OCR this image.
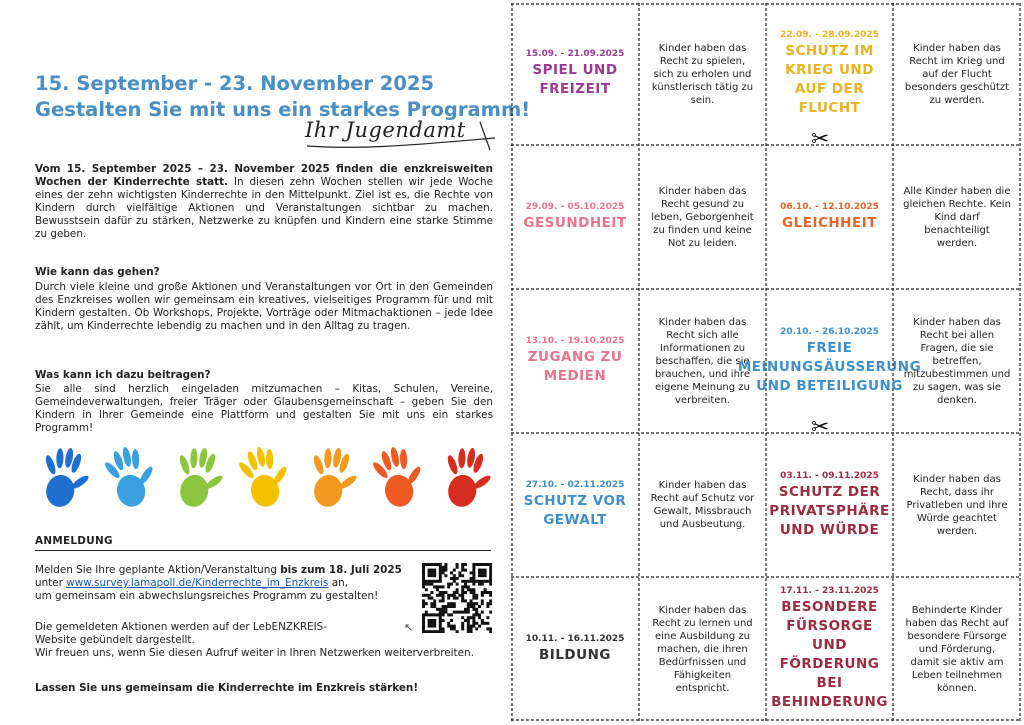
15. September - 23. November 2025
Gestalten Sie mit uns ein starkes Programm!
Ihr Jugendamt
Vom 15. September 2025 – 23. November 2025 finden die enzkreisweiten Wochen der Kinderrechte statt. In diesen zehn Wochen stellen wir jede Woche eines der zehn wichtigsten Kinderrechte in den Mittelpunkt. Ziel ist es, die Rechte von Kindern durch vielfältige Aktionen und Veranstaltungen sichtbar zu machen. Bewusstsein dafür zu stärken, Netzwerke zu knüpfen und Kindern eine starke Stimme zu geben.
Wie kann das gehen?
Durch viele kleine und große Aktionen und Veranstaltungen vor Ort in den Gemeinden des Enzkreises wollen wir gemeinsam ein kreatives, vielseitiges Programm für und mit Kindern gestalten. Ob Workshops, Projekte, Vorträge oder Mitmachaktionen – jede Idee zählt, um Kinderrechte lebendig zu machen und in den Alltag zu tragen.
Was kann ich dazu beitragen?
Sie alle sind herzlich eingeladen mitzumachen – Kitas, Schulen, Vereine, Gemeindeverwaltungen, freier Träger oder Glaubensgemeinschaft – geben Sie den Kindern in Ihrer Gemeinde eine Plattform und gestalten Sie mit uns ein starkes Programm!
ANMELDUNG
Melden Sie Ihre geplante Aktion/Veranstaltung bis zum 18. Juli 2025
unter www.survey.lamapoll.de/Kinderrechte_im_Enzkreis an,
um gemeinsam ein abwechslungsreiches Programm zu gestalten!
Die gemeldeten Aktionen werden auf der LebENZKREIS-
Website gebündelt dargestellt.
Wir freuen uns, wenn Sie diesen Aufruf weiter in Ihren Netzwerken weiterverbreiten.
Lassen Sie uns gemeinsam die Kinderrechte im Enzkreis stärken!
↖
15.09. - 21.09.2025
SPIEL UND FREIZEIT
Kinder haben das Recht zu spielen, sich zu erholen und künstlerisch tätig zu sein.
22.09. - 28.09.2025
SCHUTZ IM KRIEG UND AUF DER FLUCHT
Kinder haben das Recht im Krieg und auf der Flucht besonders geschützt zu werden.
29.09. - 05.10.2025
GESUNDHEIT
Kinder haben das Recht gesund zu leben, Geborgenheit zu finden und keine Not zu leiden.
06.10. - 12.10.2025
GLEICHHEIT
Alle Kinder haben die gleichen Rechte. Kein Kind darf benachteiligt werden.
13.10. - 19.10.2025
ZUGANG ZU MEDIEN
Kinder haben das Recht sich alle Informationen zu beschaffen, die sie brauchen, und ihre eigene Meinung zu verbreiten.
20.10. - 26.10.2025
FREIE MEINUNGSÄUSSERUNG UND BETEILIGUNG
Kinder haben das Recht bei allen Fragen, die sie betreffen, mitzubestimmen und zu sagen, was sie denken.
27.10. - 02.11.2025
SCHUTZ VOR GEWALT
Kinder haben das Recht auf Schutz vor Gewalt, Missbrauch und Ausbeutung.
03.11. - 09.11.2025
SCHUTZ DER PRIVATSPHÄRE UND WÜRDE
Kinder haben das Recht, dass ihr Privatleben und ihre Würde geachtet werden.
10.11. - 16.11.2025
BILDUNG
Kinder haben das Recht zu lernen und eine Ausbildung zu machen, die ihren Bedürfnissen und Fähigkeiten entspricht.
17.11. - 23.11.2025
BESONDERE FÜRSORGE UND FÖRDERUNG BEI BEHINDERUNG
Behinderte Kinder haben das Recht auf besondere Fürsorge und Förderung, damit sie aktiv am Leben teilnehmen können.
✂
✂
